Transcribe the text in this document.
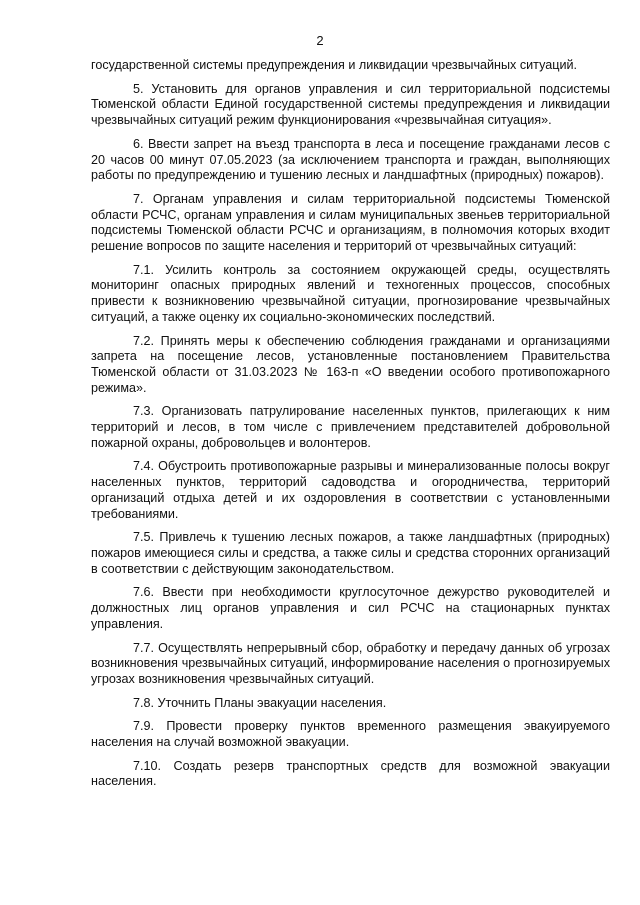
2

государственной системы предупреждения и ликвидации чрезвычайных ситуаций.

5. Установить для органов управления и сил территориальной подсистемы Тюменской области Единой государственной системы предупреждения и ликвидации чрезвычайных ситуаций режим функционирования «чрезвычайная ситуация».

6. Ввести запрет на въезд транспорта в леса и посещение гражданами лесов с 20 часов 00 минут 07.05.2023 (за исключением транспорта и граждан, выполняющих работы по предупреждению и тушению лесных и ландшафтных (природных) пожаров).

7. Органам управления и силам территориальной подсистемы Тюменской области РСЧС, органам управления и силам муниципальных звеньев территориальной подсистемы Тюменской области РСЧС и организациям, в полномочия которых входит решение вопросов по защите населения и территорий от чрезвычайных ситуаций:

7.1. Усилить контроль за состоянием окружающей среды, осуществлять мониторинг опасных природных явлений и техногенных процессов, способных привести к возникновению чрезвычайной ситуации, прогнозирование чрезвычайных ситуаций, а также оценку их социально-экономических последствий.

7.2. Принять меры к обеспечению соблюдения гражданами и организациями запрета на посещение лесов, установленные постановлением Правительства Тюменской области от 31.03.2023 № 163-п «О введении особого противопожарного режима».

7.3. Организовать патрулирование населенных пунктов, прилегающих к ним территорий и лесов, в том числе с привлечением представителей добровольной пожарной охраны, добровольцев и волонтеров.

7.4. Обустроить противопожарные разрывы и минерализованные полосы вокруг населенных пунктов, территорий садоводства и огородничества, территорий организаций отдыха детей и их оздоровления в соответствии с установленными требованиями.

7.5. Привлечь к тушению лесных пожаров, а также ландшафтных (природных) пожаров имеющиеся силы и средства, а также силы и средства сторонних организаций в соответствии с действующим законодательством.

7.6. Ввести при необходимости круглосуточное дежурство руководителей и должностных лиц органов управления и сил РСЧС на стационарных пунктах управления.

7.7. Осуществлять непрерывный сбор, обработку и передачу данных об угрозах возникновения чрезвычайных ситуаций, информирование населения о прогнозируемых угрозах возникновения чрезвычайных ситуаций.

7.8. Уточнить Планы эвакуации населения.

7.9. Провести проверку пунктов временного размещения эвакуируемого населения на случай возможной эвакуации.

7.10. Создать резерв транспортных средств для возможной эвакуации населения.
